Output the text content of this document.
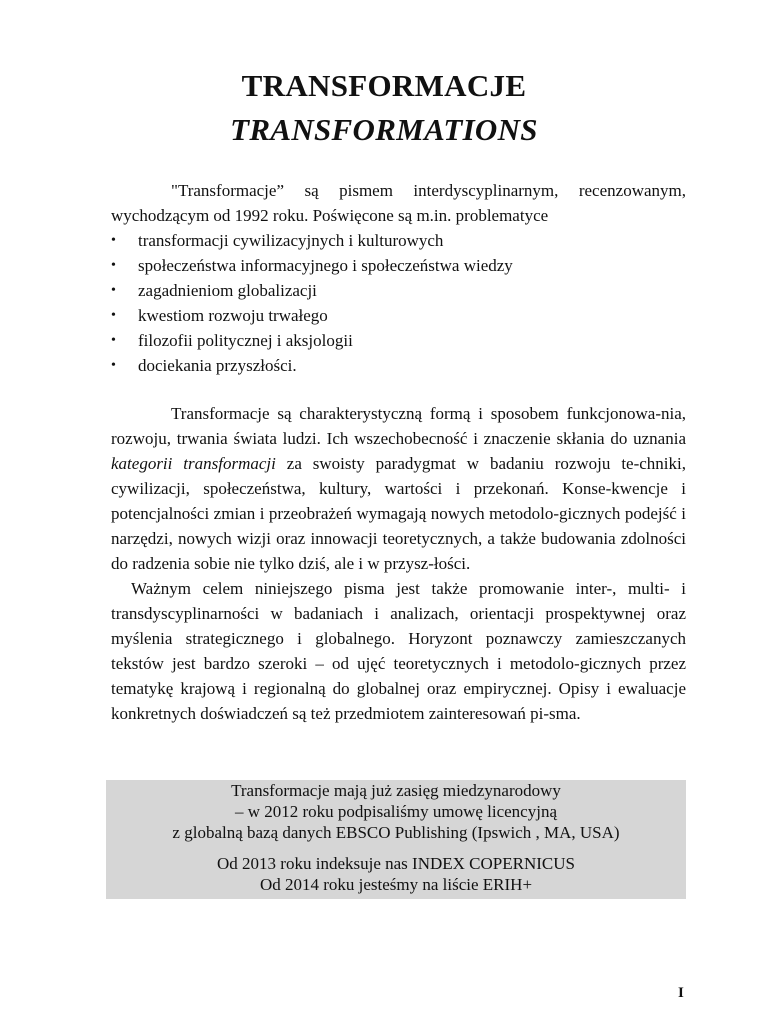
TRANSFORMACJE
TRANSFORMATIONS

"Transformacje” są pismem interdyscyplinarnym, recenzowanym, wychodzącym od 1992 roku. Poświęcone są m.in. problematyce

• transformacji cywilizacyjnych i kulturowych
• społeczeństwa informacyjnego i społeczeństwa wiedzy
• zagadnieniom globalizacji
• kwestiom rozwoju trwałego
• filozofii politycznej i aksjologii
• dociekania przyszłości.

Transformacje są charakterystyczną formą i sposobem funkcjonowa-nia, rozwoju, trwania świata ludzi. Ich wszechobecność i znaczenie skłania do uznania kategorii transformacji za swoisty paradygmat w badaniu rozwoju te-chniki, cywilizacji, społeczeństwa, kultury, wartości i przekonań. Konse-kwencje i potencjalności zmian i przeobrażeń wymagają nowych metodolo-gicznych podejść i narzędzi, nowych wizji oraz innowacji teoretycznych, a także budowania zdolności do radzenia sobie nie tylko dziś, ale i w przysz-łości.

Ważnym celem niniejszego pisma jest także promowanie inter-, multi- i transdyscyplinarności w badaniach i analizach, orientacji prospektywnej oraz myślenia strategicznego i globalnego. Horyzont poznawczy zamieszczanych tekstów jest bardzo szeroki – od ujęć teoretycznych i metodolo-gicznych przez tematykę krajową i regionalną do globalnej oraz empirycznej. Opisy i ewaluacje konkretnych doświadczeń są też przedmiotem zainteresowań pi-sma.

Transformacje mają już zasięg miedzynarodowy
– w 2012 roku podpisaliśmy umowę licencyjną
z globalną bazą danych EBSCO Publishing (Ipswich , MA, USA)
Od 2013 roku indeksuje nas INDEX COPERNICUS
Od 2014 roku jesteśmy na liście ERIH+
I
